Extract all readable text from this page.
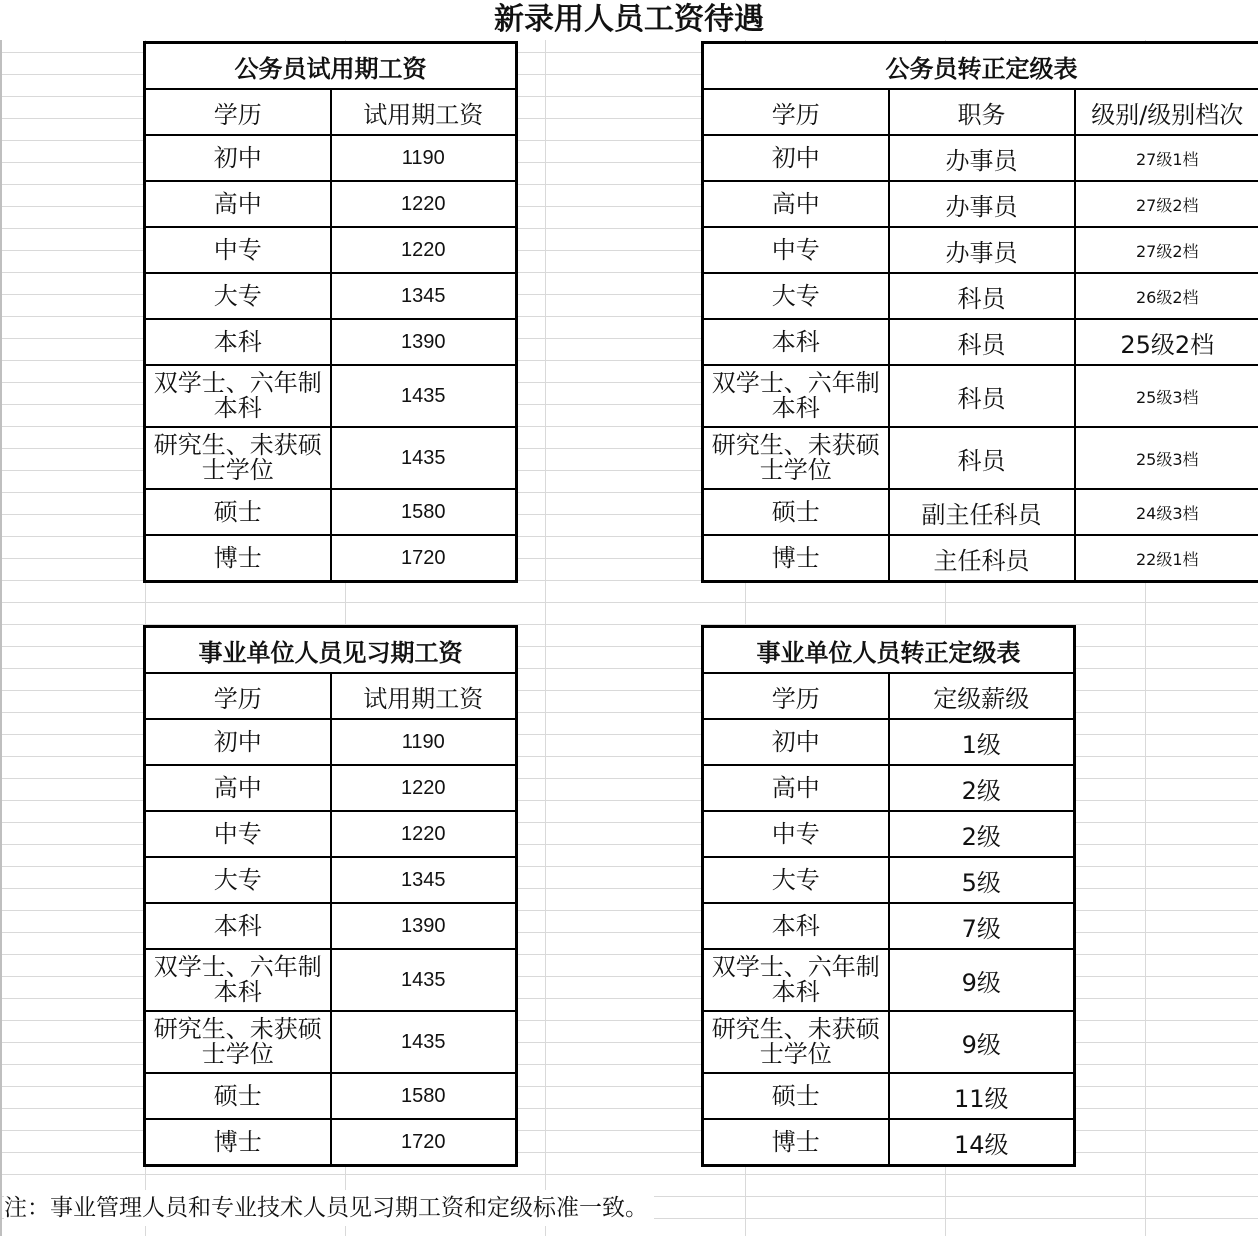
新录用人员工资待遇
公务员试用期工资	
学历	试用期工资
初中	1190
高中	1220
中专	1220
大专	1345
本科	1390
双学士、六年制本科	1435
研究生、未获硕士学位	1435
硕士	1580
博士	1720
公务员转正定级表		
学历	职务	级别/级别档次
初中	办事员	27级1档
高中	办事员	27级2档
中专	办事员	27级2档
大专	科员	26级2档
本科	科员	25级2档
双学士、六年制本科	科员	25级3档
研究生、未获硕士学位	科员	25级3档
硕士	副主任科员	24级3档
博士	主任科员	22级1档
事业单位人员见习期工资	
学历	试用期工资
初中	1190
高中	1220
中专	1220
大专	1345
本科	1390
双学士、六年制本科	1435
研究生、未获硕士学位	1435
硕士	1580
博士	1720
事业单位人员转正定级表	
学历	定级薪级
初中	1级
高中	2级
中专	2级
大专	5级
本科	7级
双学士、六年制本科	9级
研究生、未获硕士学位	9级
硕士	11级
博士	14级
注：事业管理人员和专业技术人员见习期工资和定级标准一致。
